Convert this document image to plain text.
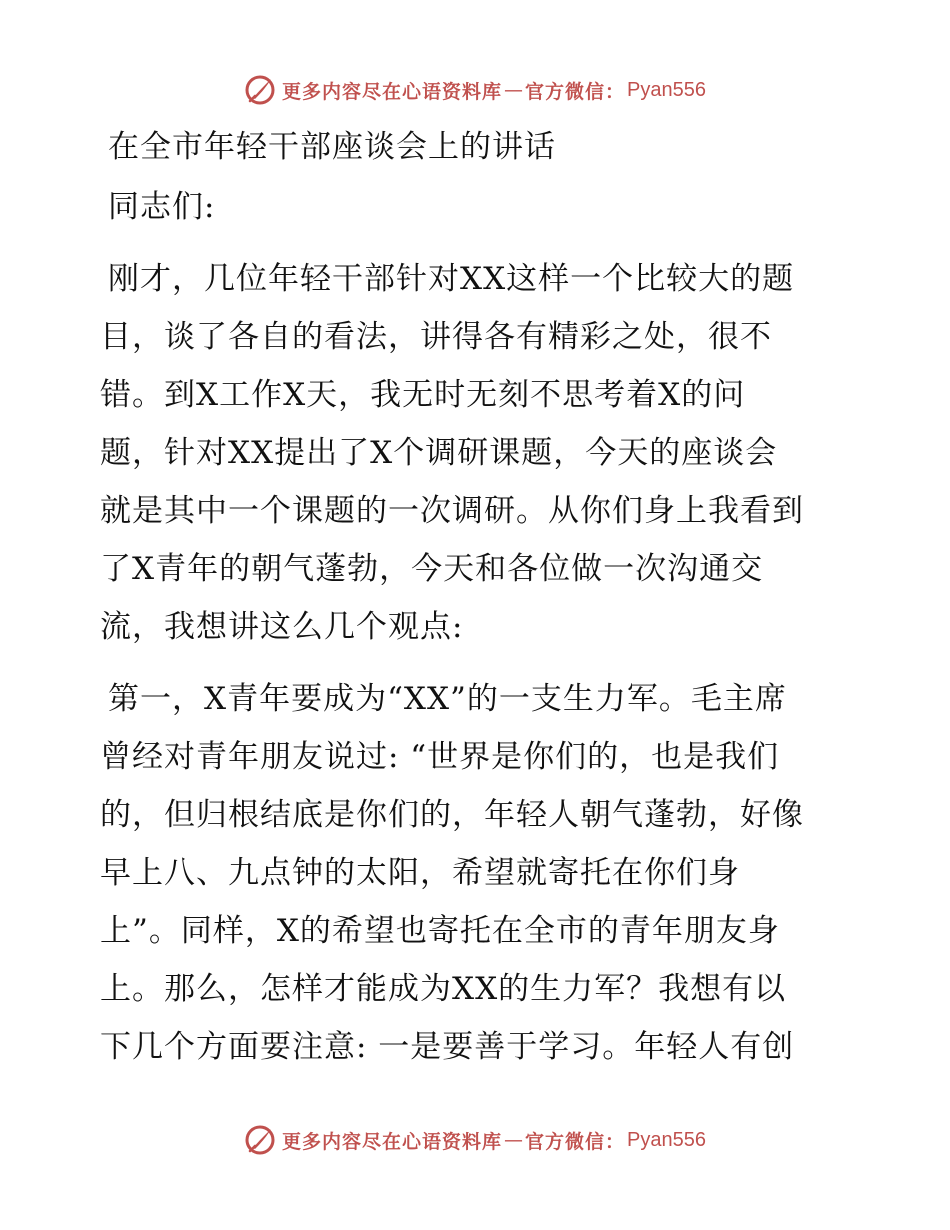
更多内容尽在心语资料库 — 官方微信： Pyan556
在全市年轻干部座谈会上的讲话
同志们:
刚才，几位年轻干部针对XX这样一个比较大的题
目，谈了各自的看法，讲得各有精彩之处，很不
错。到X工作X天，我无时无刻不思考着X的问
题，针对XX提出了X个调研课题，今天的座谈会
就是其中一个课题的一次调研。从你们身上我看到
了X青年的朝气蓬勃，今天和各位做一次沟通交
流，我想讲这么几个观点:
第一，X青年要成为“XX”的一支生力军。毛主席
曾经对青年朋友说过: “世界是你们的，也是我们
的，但归根结底是你们的，年轻人朝气蓬勃，好像
早上八、九点钟的太阳，希望就寄托在你们身
上”。同样，X的希望也寄托在全市的青年朋友身
上。那么，怎样才能成为XX的生力军？我想有以
下几个方面要注意: 一是要善于学习。年轻人有创
更多内容尽在心语资料库 — 官方微信： Pyan556
